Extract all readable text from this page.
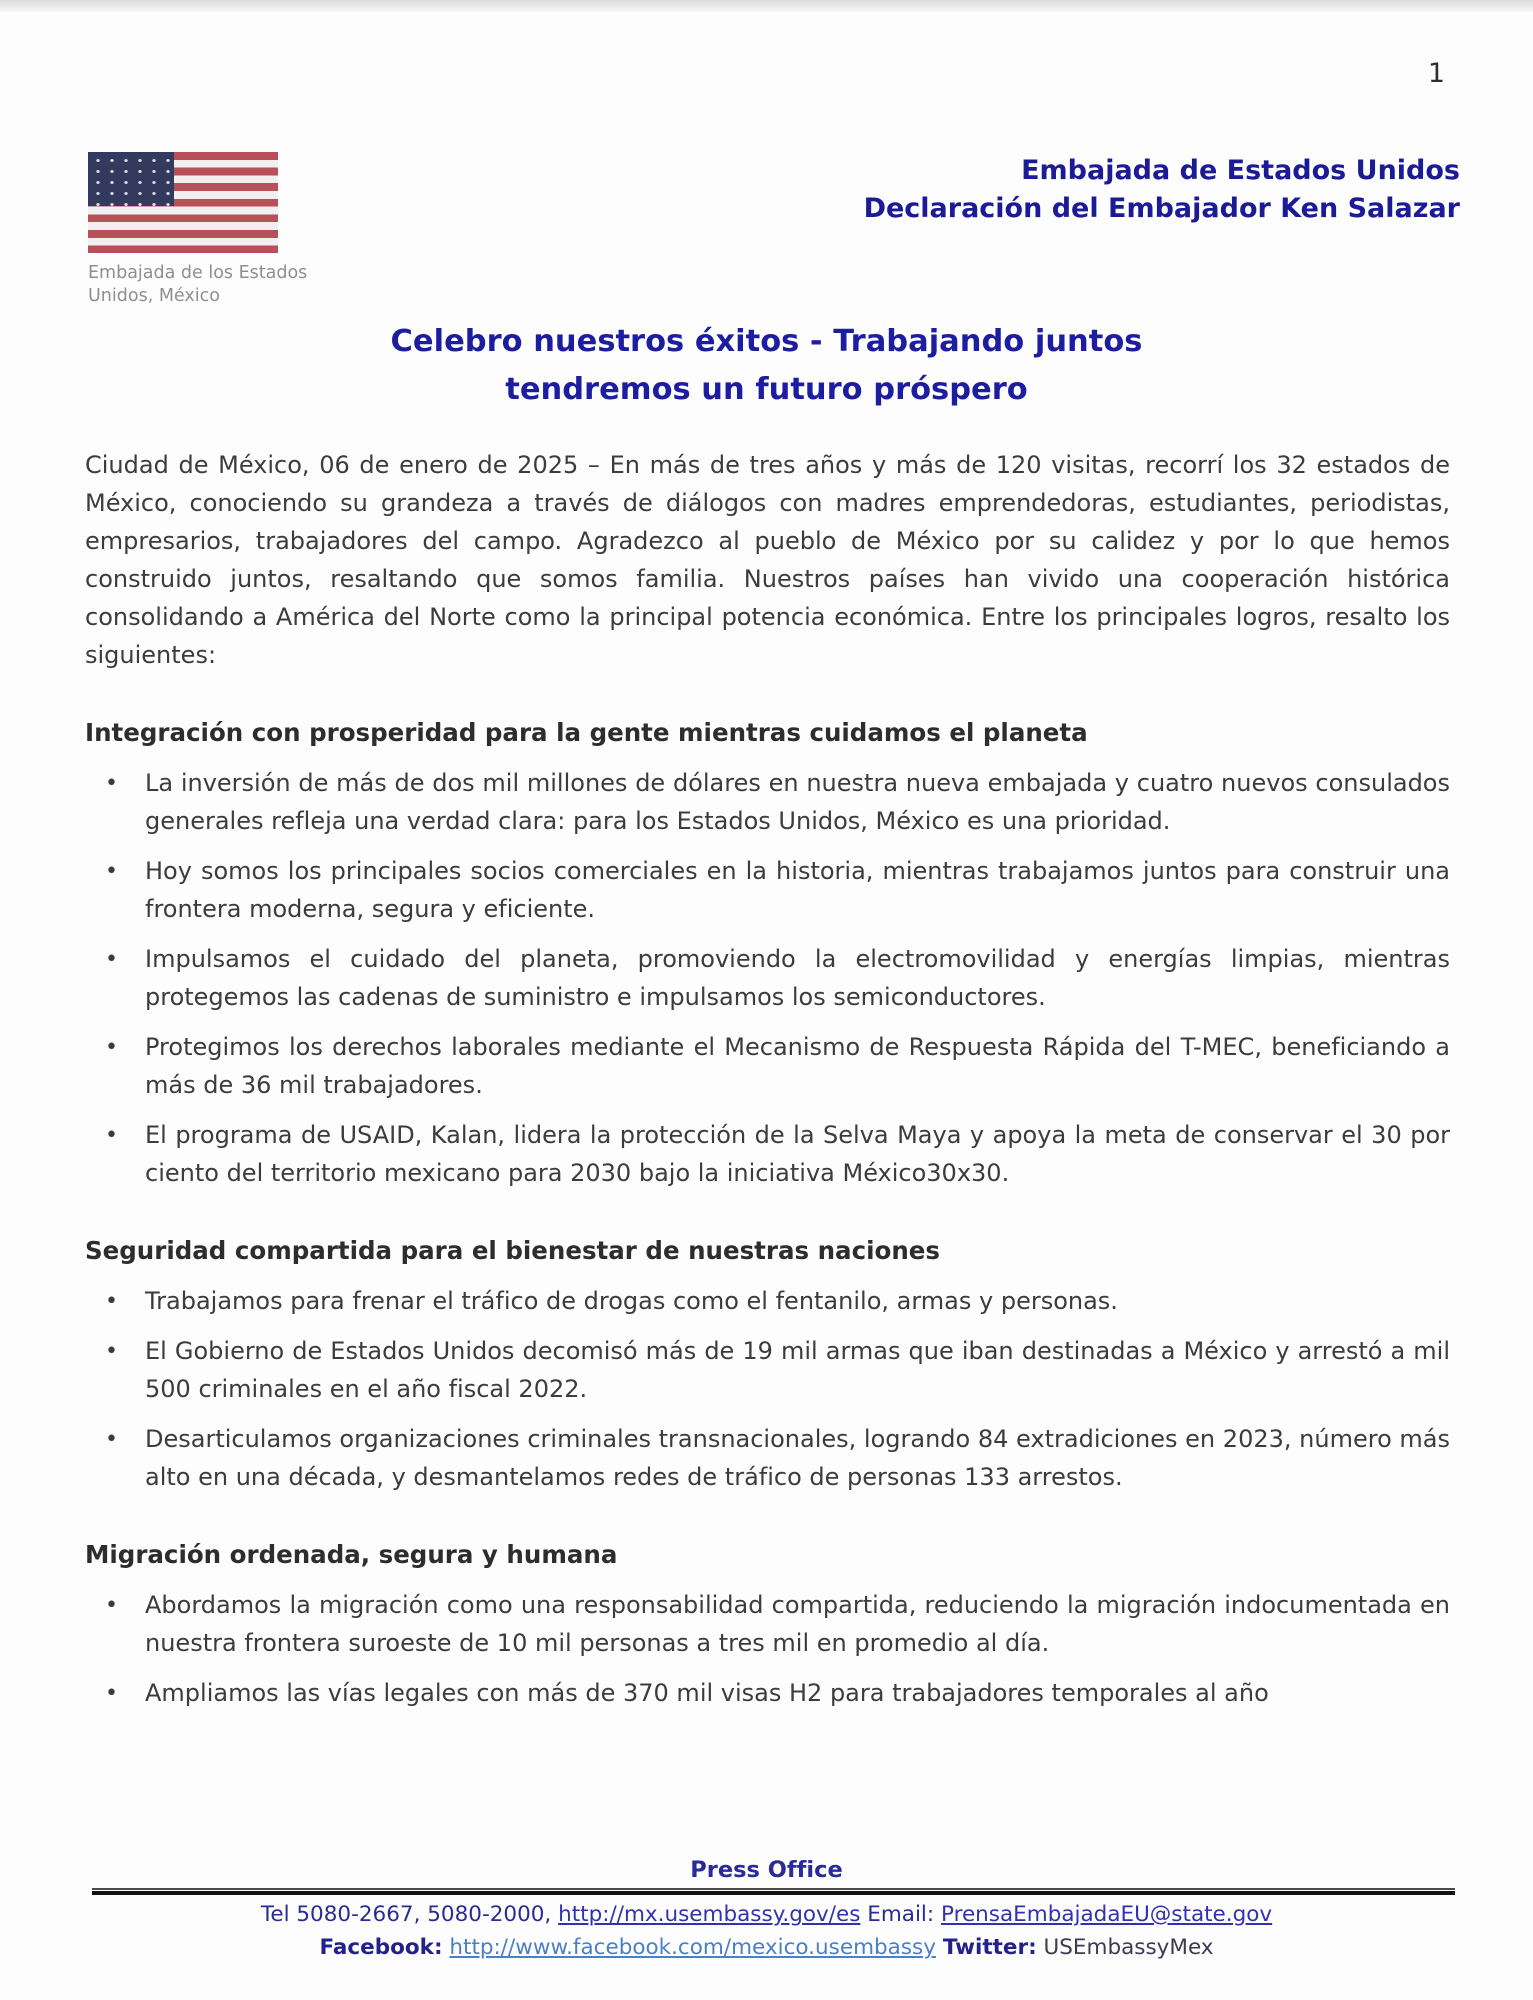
1
Embajada de los Estados
Unidos, México
Embajada de Estados Unidos
Declaración del Embajador Ken Salazar
Celebro nuestros éxitos - Trabajando juntos
tendremos un futuro próspero

Ciudad de México, 06 de enero de 2025 – En más de tres años y más de 120 visitas, recorrí los 32 estados de México, conociendo su grandeza a través de diálogos con madres emprendedoras, estudiantes, periodistas, empresarios, trabajadores del campo. Agradezco al pueblo de México por su calidez y por lo que hemos construido juntos, resaltando que somos familia. Nuestros países han vivido una cooperación histórica consolidando a América del Norte como la principal potencia económica. Entre los principales logros, resalto los siguientes:

Integración con prosperidad para la gente mientras cuidamos el planeta
• La inversión de más de dos mil millones de dólares en nuestra nueva embajada y cuatro nuevos consulados generales refleja una verdad clara: para los Estados Unidos, México es una prioridad.
• Hoy somos los principales socios comerciales en la historia, mientras trabajamos juntos para construir una frontera moderna, segura y eficiente.
• Impulsamos el cuidado del planeta, promoviendo la electromovilidad y energías limpias, mientras protegemos las cadenas de suministro e impulsamos los semiconductores.
• Protegimos los derechos laborales mediante el Mecanismo de Respuesta Rápida del T-MEC, beneficiando a más de 36 mil trabajadores.
• El programa de USAID, Kalan, lidera la protección de la Selva Maya y apoya la meta de conservar el 30 por ciento del territorio mexicano para 2030 bajo la iniciativa México30x30.
Seguridad compartida para el bienestar de nuestras naciones
• Trabajamos para frenar el tráfico de drogas como el fentanilo, armas y personas.
• El Gobierno de Estados Unidos decomisó más de 19 mil armas que iban destinadas a México y arrestó a mil 500 criminales en el año fiscal 2022.
• Desarticulamos organizaciones criminales transnacionales, logrando 84 extradiciones en 2023, número más alto en una década, y desmantelamos redes de tráfico de personas 133 arrestos.
Migración ordenada, segura y humana
• Abordamos la migración como una responsabilidad compartida, reduciendo la migración indocumentada en nuestra frontera suroeste de 10 mil personas a tres mil en promedio al día.
• Ampliamos las vías legales con más de 370 mil visas H2 para trabajadores temporales al año
Press Office
Tel 5080-2667, 5080-2000, http://mx.usembassy.gov/es Email: PrensaEmbajadaEU@state.gov
Facebook: http://www.facebook.com/mexico.usembassy Twitter: USEmbassyMex
